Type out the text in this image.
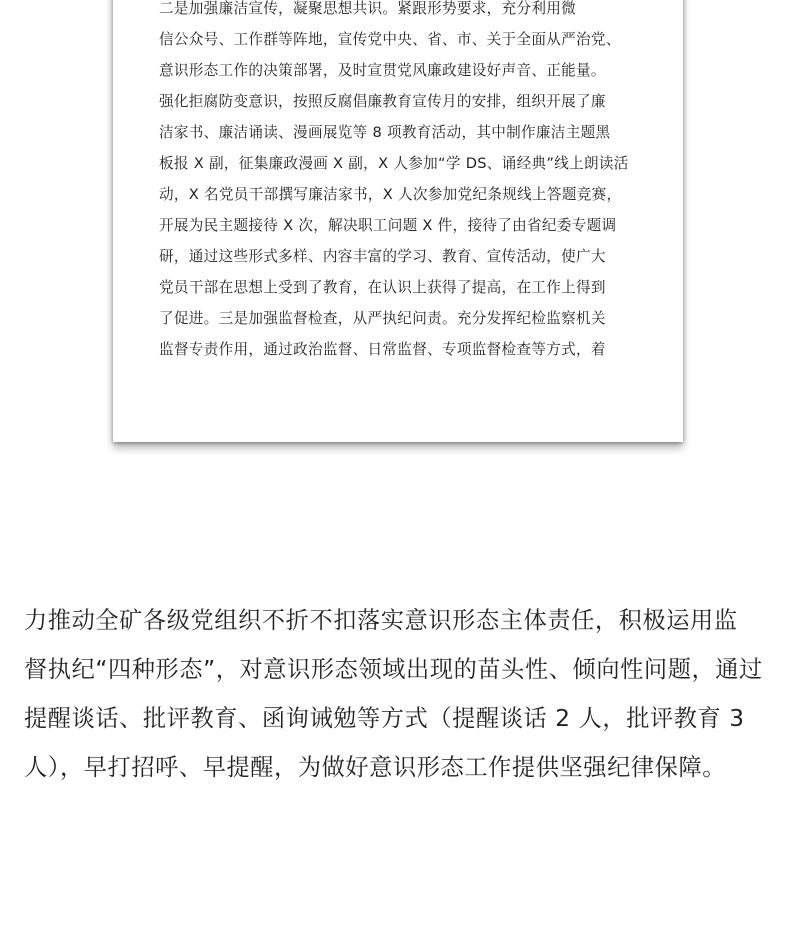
二是加强廉洁宣传，凝聚思想共识。紧跟形势要求，充分利用微
信公众号、工作群等阵地，宣传党中央、省、市、关于全面从严治党、
意识形态工作的决策部署，及时宣贯党风廉政建设好声音、正能量。
强化拒腐防变意识，按照反腐倡廉教育宣传月的安排，组织开展了廉
洁家书、廉洁诵读、漫画展览等 8 项教育活动，其中制作廉洁主题黑
板报 X 副，征集廉政漫画 X 副，X 人参加“学 DS、诵经典”线上朗读活
动，X 名党员干部撰写廉洁家书，X 人次参加党纪条规线上答题竞赛，
开展为民主题接待 X 次，解决职工问题 X 件，接待了由省纪委专题调
研，通过这些形式多样、内容丰富的学习、教育、宣传活动，使广大
党员干部在思想上受到了教育，在认识上获得了提高，在工作上得到
了促进。三是加强监督检查，从严执纪问责。充分发挥纪检监察机关
监督专责作用，通过政治监督、日常监督、专项监督检查等方式，着
力推动全矿各级党组织不折不扣落实意识形态主体责任，积极运用监
督执纪“四种形态”，对意识形态领域出现的苗头性、倾向性问题，通过
提醒谈话、批评教育、函询诫勉等方式（提醒谈话 2 人，批评教育 3
人），早打招呼、早提醒，为做好意识形态工作提供坚强纪律保障。
